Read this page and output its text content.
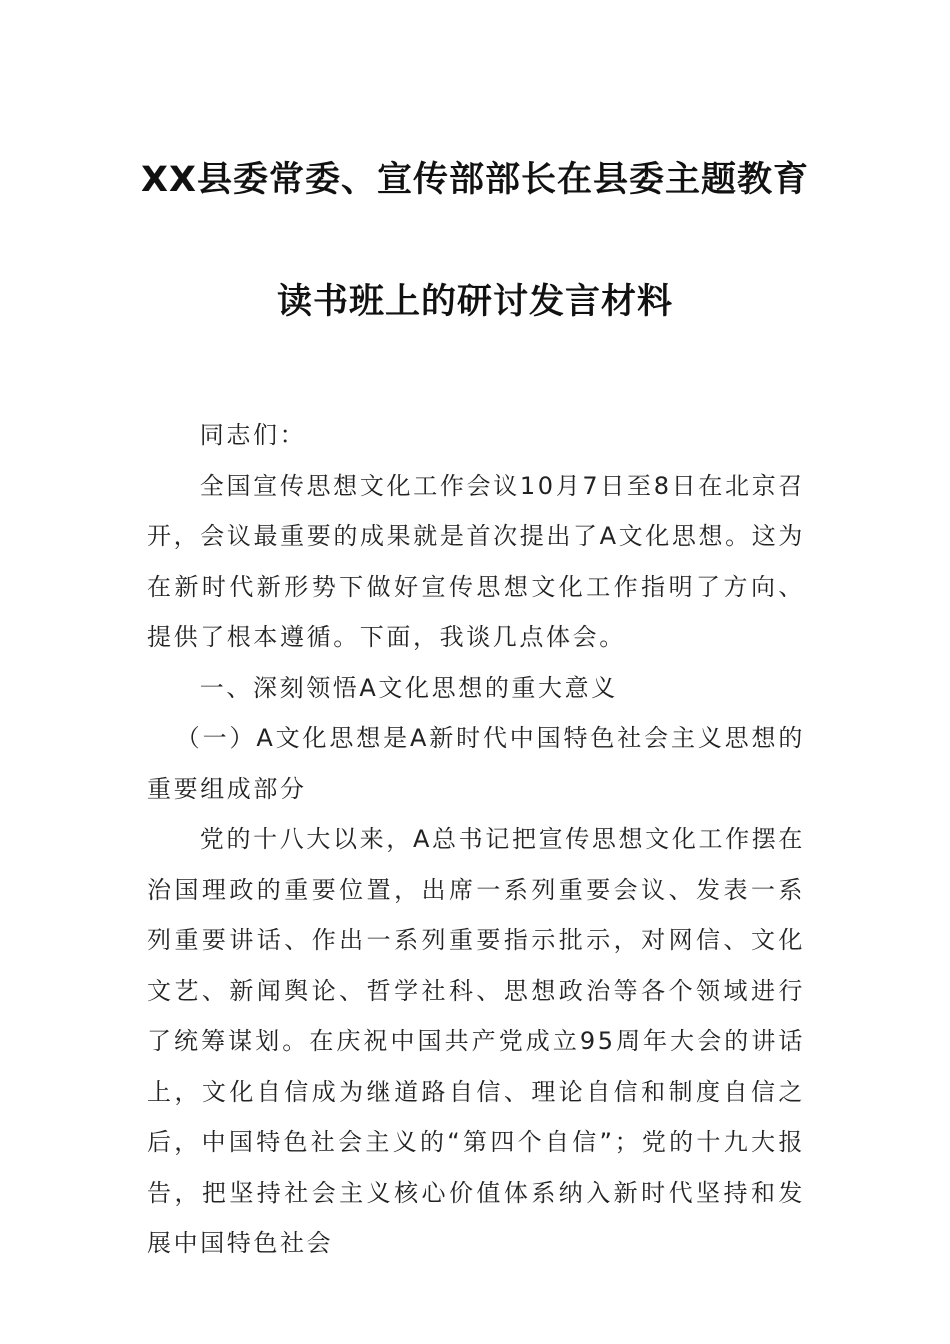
XX县委常委、宣传部部长在县委主题教育
读书班上的研讨发言材料

同志们：

全国宣传思想文化工作会议10月7日至8日在北京召开，会议最重要的成果就是首次提出了A文化思想。这为在新时代新形势下做好宣传思想文化工作指明了方向、提供了根本遵循。下面，我谈几点体会。

一、深刻领悟A文化思想的重大意义

（一）A文化思想是A新时代中国特色社会主义思想的重要组成部分

党的十八大以来，A总书记把宣传思想文化工作摆在治国理政的重要位置，出席一系列重要会议、发表一系列重要讲话、作出一系列重要指示批示，对网信、文化文艺、新闻舆论、哲学社科、思想政治等各个领域进行了统筹谋划。在庆祝中国共产党成立95周年大会的讲话上，文化自信成为继道路自信、理论自信和制度自信之后，中国特色社会主义的“第四个自信”；党的十九大报告，把坚持社会主义核心价值体系纳入新时代坚持和发展中国特色社会
